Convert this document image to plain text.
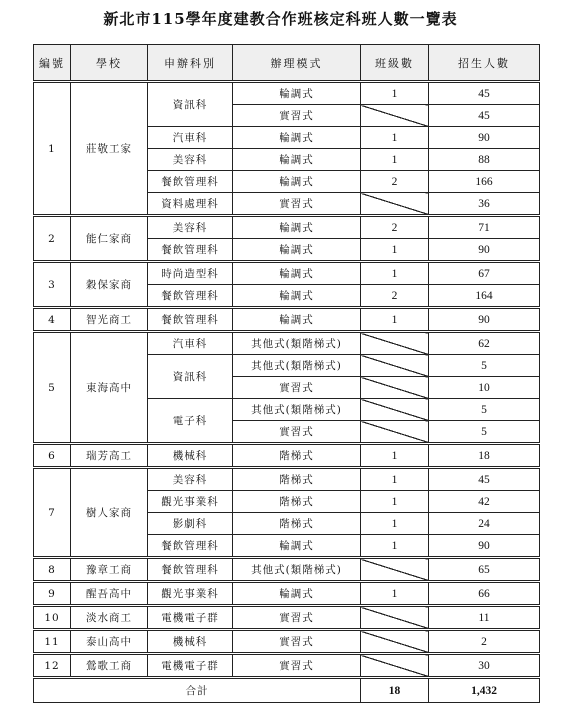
新北市115學年度建教合作班核定科班人數一覽表
編號	學校	申辦科別	辦理模式	班級數	招生人數
1	莊敬工家	資訊科	輪調式	1	45
			實習式		45
		汽車科	輪調式	1	90
		美容科	輪調式	1	88
		餐飲管理科	輪調式	2	166
		資料處理科	實習式		36
2	能仁家商	美容科	輪調式	2	71
		餐飲管理科	輪調式	1	90
3	穀保家商	時尚造型科	輪調式	1	67
		餐飲管理科	輪調式	2	164
4	智光商工	餐飲管理科	輪調式	1	90
5	東海高中	汽車科	其他式(類階梯式)		62
		資訊科	其他式(類階梯式)		5
			實習式		10
		電子科	其他式(類階梯式)		5
			實習式		5
6	瑞芳高工	機械科	階梯式	1	18
7	樹人家商	美容科	階梯式	1	45
		觀光事業科	階梯式	1	42
		影劇科	階梯式	1	24
		餐飲管理科	輪調式	1	90
8	豫章工商	餐飲管理科	其他式(類階梯式)		65
9	醒吾高中	觀光事業科	輪調式	1	66
10	淡水商工	電機電子群	實習式		11
11	泰山高中	機械科	實習式		2
12	鶯歌工商	電機電子群	實習式		30
合計				18	1,432
